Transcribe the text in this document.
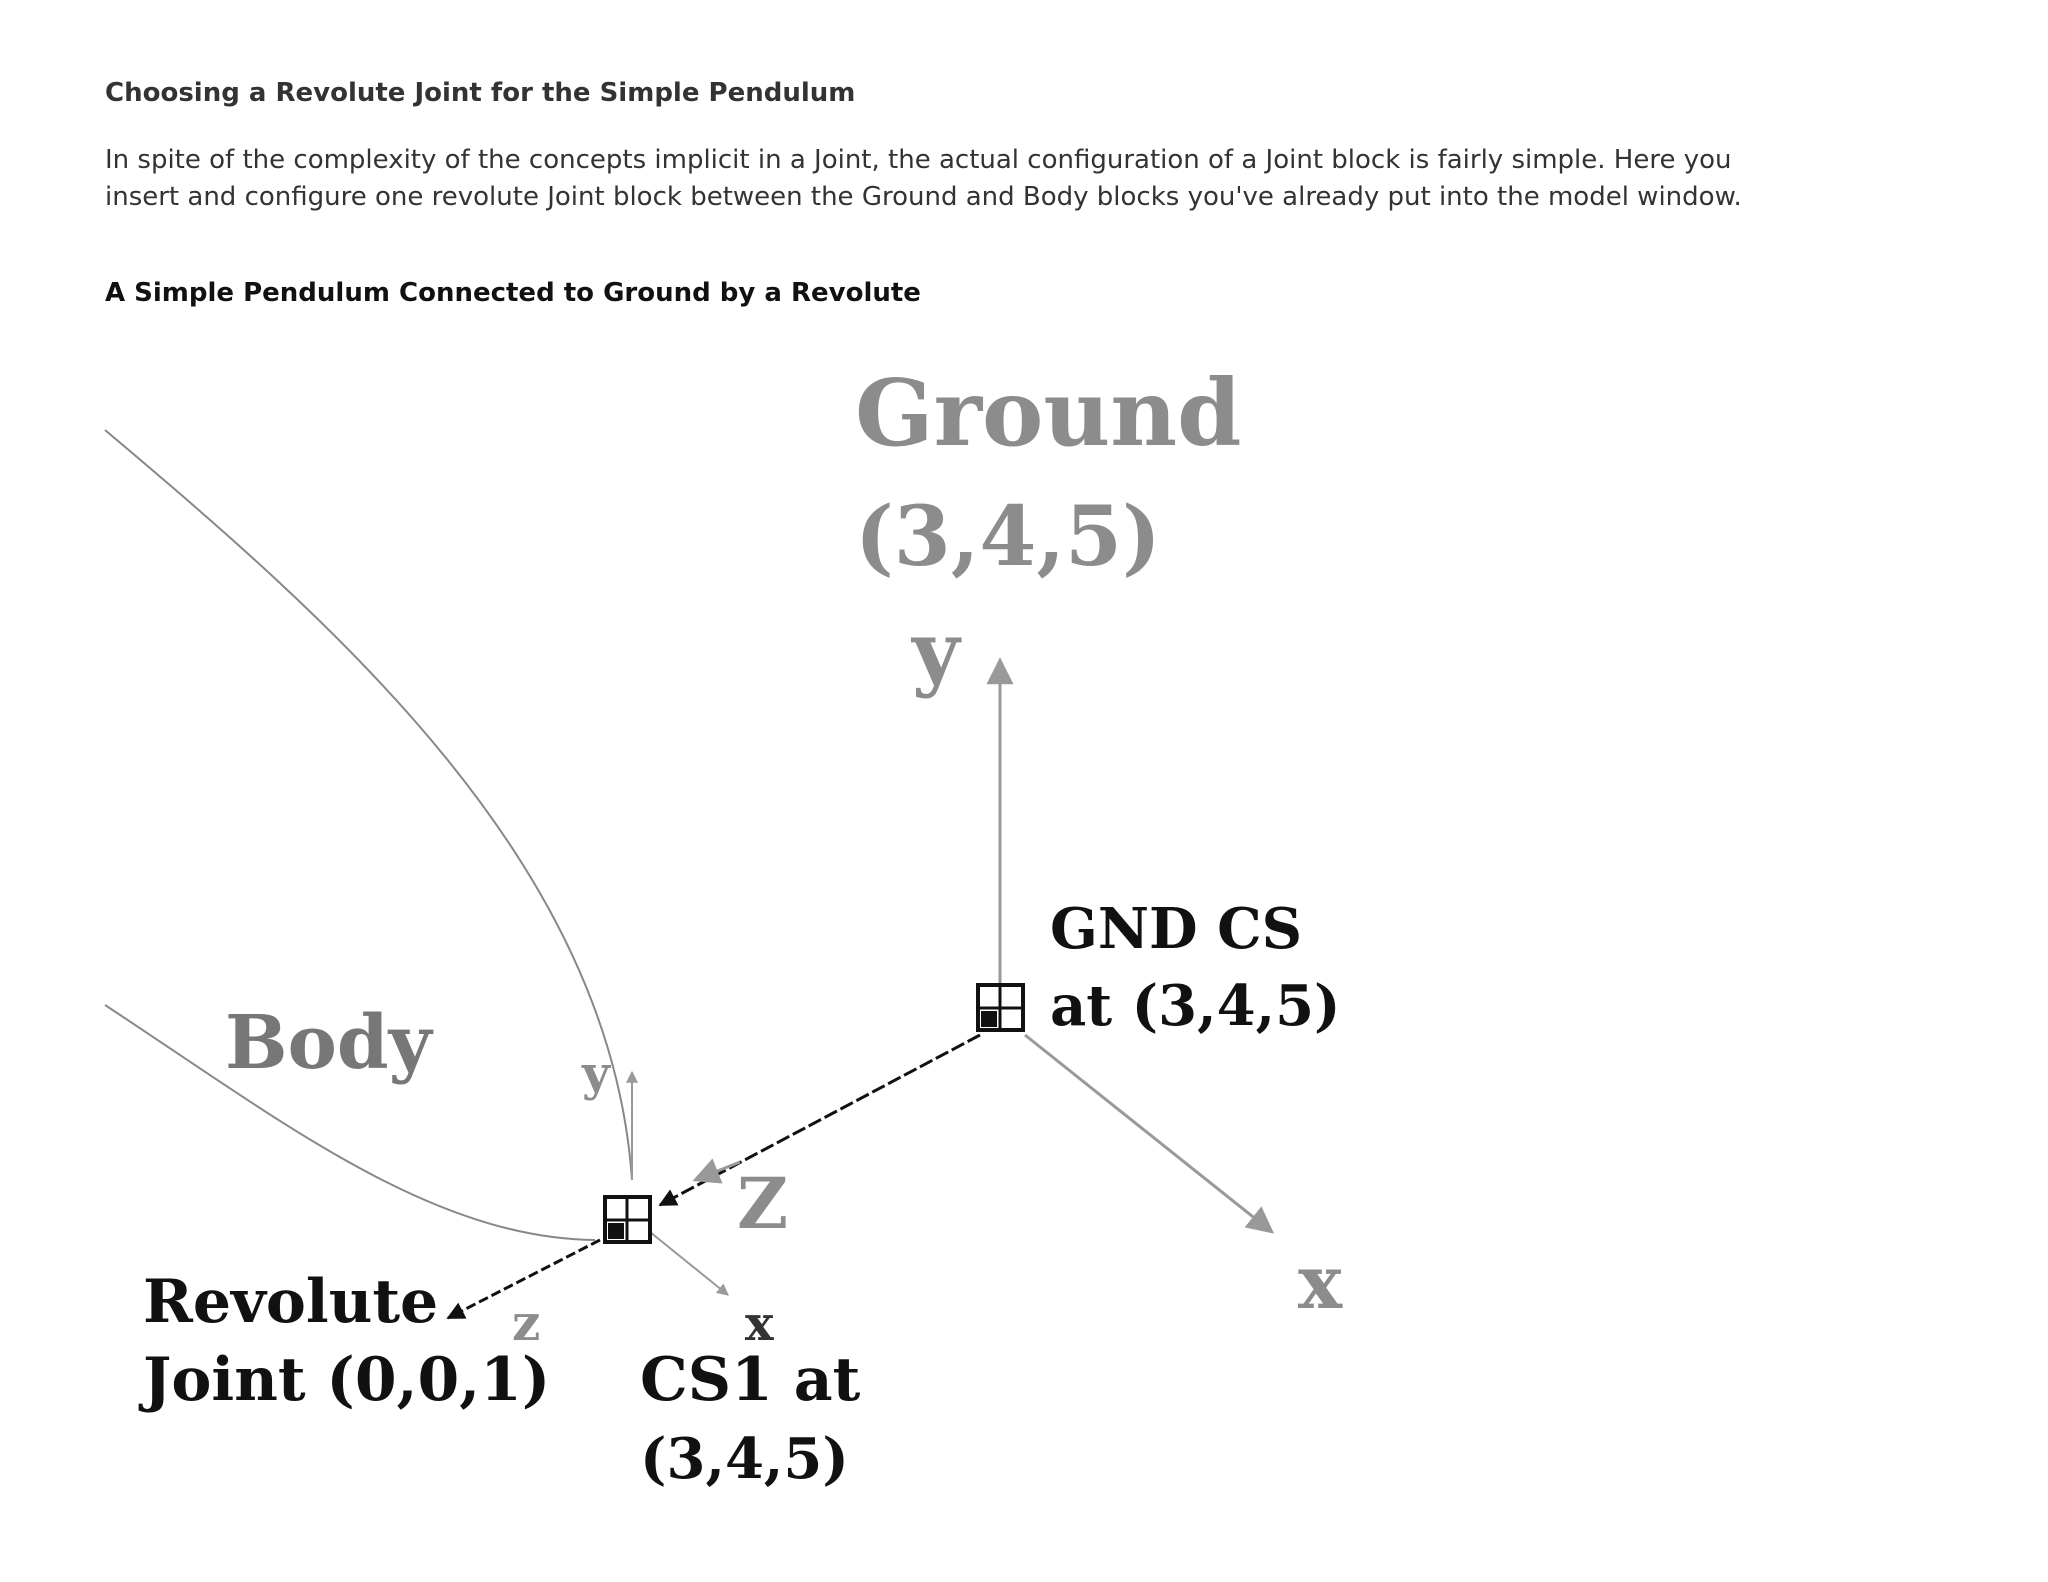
Choosing a Revolute Joint for the Simple Pendulum

In spite of the complexity of the concepts implicit in a Joint, the actual configuration of a Joint block is fairly simple. Here you insert and configure one revolute Joint block between the Ground and Body blocks you've already put into the model window.

A Simple Pendulum Connected to Ground by a Revolute
Ground
(3,4,5)
y
x
Z
GND CS
at (3,4,5)
Body	y
x
z
Revolute
Joint (0,0,1) CS1 at
(3,4,5)
